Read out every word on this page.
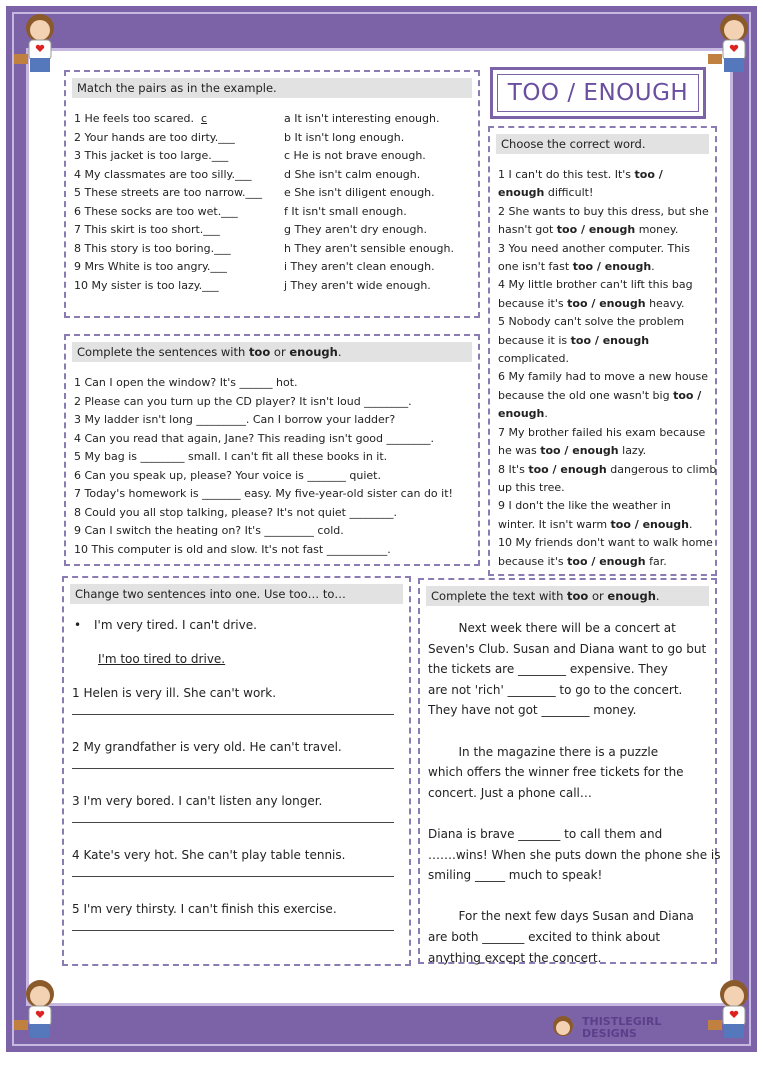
TOO / ENOUGH
Match the pairs as in the example.
1 He feels too scared.
2 Your hands are too dirty.___
3 This jacket is too large.___
4 My classmates are too silly.___
5 These streets are too narrow.___
6 These socks are too wet.___
7 This skirt is too short.___
8 This story is too boring.___
9 Mrs White is too angry.___
10 My sister is too lazy.___
a It isn't interesting enough.
b It isn't long enough.
c He is not brave enough.
d She isn't calm enough.
e She isn't diligent enough.
f It isn't small enough.
g They aren't dry enough.
h They aren't sensible enough.
i They aren't clean enough.
j They aren't wide enough.
c
Choose the correct word.
1 I can't do this test. It's too /
enough difficult!
2 She wants to buy this dress, but she
hasn't got too / enough money.
3 You need another computer. This
one isn't fast too / enough.
4 My little brother can't lift this bag
because it's too / enough heavy.
5 Nobody can't solve the problem
because it is too / enough
complicated.
6 My family had to move a new house
because the old one wasn't big too /
enough.
7 My brother failed his exam because
he was too / enough lazy.
8 It's too / enough dangerous to climb
up this tree.
9 I don't the like the weather in
winter. It isn't warm too / enough.
10 My friends don't want to walk home
because it's too / enough far.
Complete the sentences with too or enough.
1 Can I open the window? It's ______ hot.
2 Please can you turn up the CD player? It isn't loud ________.
3 My ladder isn't long _________. Can I borrow your ladder?
4 Can you read that again, Jane? This reading isn't good ________.
5 My bag is ________ small. I can't fit all these books in it.
6 Can you speak up, please? Your voice is _______ quiet.
7 Today's homework is _______ easy. My five-year-old sister can do it!
8 Could you all stop talking, please? It's not quiet ________.
9 Can I switch the heating on? It's _________ cold.
10 This computer is old and slow. It's not fast ___________.
Change two sentences into one. Use too… to…
• I'm very tired. I can't drive.
I'm too tired to drive.
1 Helen is very ill. She can't work.
2 My grandfather is very old. He can't travel.
3 I'm very bored. I can't listen any longer.
4 Kate's very hot. She can't play table tennis.
5 I'm very thirsty. I can't finish this exercise.
Complete the text with too or enough.
Next week there will be a concert at
Seven's Club. Susan and Diana want to go but
the tickets are ________ expensive. They
are not 'rich' ________ to go to the concert.
They have not got ________ money.
In the magazine there is a puzzle
which offers the winner free tickets for the
concert. Just a phone call…
Diana is brave _______ to call them and
…….wins! When she puts down the phone she is
smiling _____ much to speak!
For the next few days Susan and Diana
are both _______ excited to think about
anything except the concert.
THISTLEGIRL
DESIGNS
